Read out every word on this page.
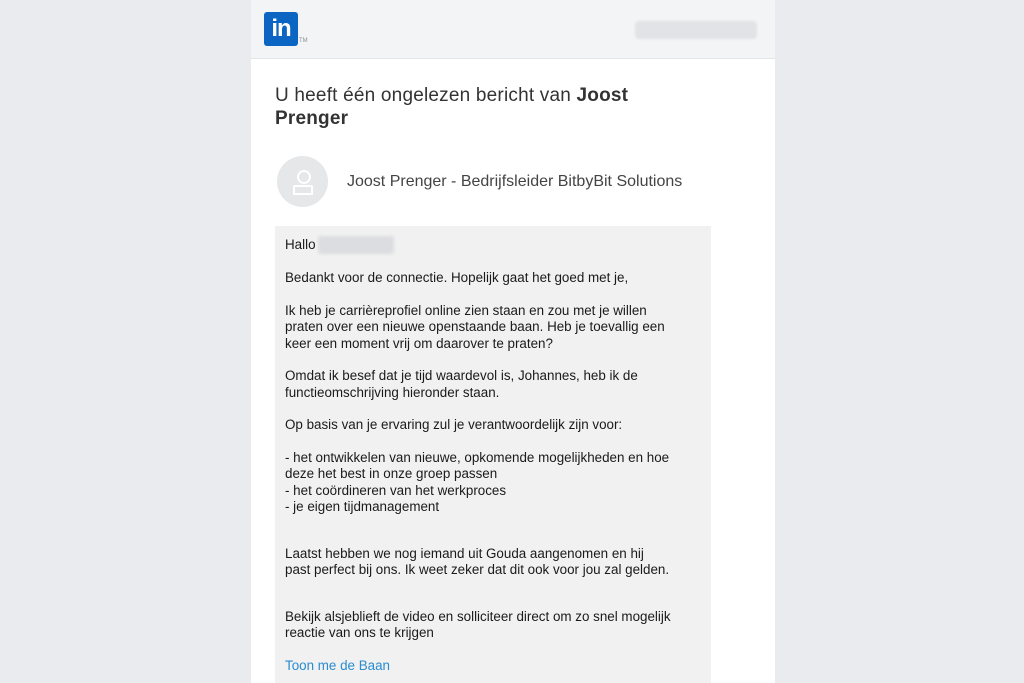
in TM
U heeft één ongelezen bericht van Joost Prenger
Joost Prenger - Bedrijfsleider BitbyBit Solutions

Hallo

Bedankt voor de connectie. Hopelijk gaat het goed met je,

Ik heb je carrièreprofiel online zien staan en zou met je willen
praten over een nieuwe openstaande baan. Heb je toevallig een
keer een moment vrij om daarover te praten?

Omdat ik besef dat je tijd waardevol is, Johannes, heb ik de
functieomschrijving hieronder staan.

Op basis van je ervaring zul je verantwoordelijk zijn voor:

- het ontwikkelen van nieuwe, opkomende mogelijkheden en hoe
deze het best in onze groep passen
- het coördineren van het werkproces
- je eigen tijdmanagement

Laatst hebben we nog iemand uit Gouda aangenomen en hij
past perfect bij ons. Ik weet zeker dat dit ook voor jou zal gelden.

Bekijk alsjeblieft de video en solliciteer direct om zo snel mogelijk
reactie van ons te krijgen

Toon me de Baan
